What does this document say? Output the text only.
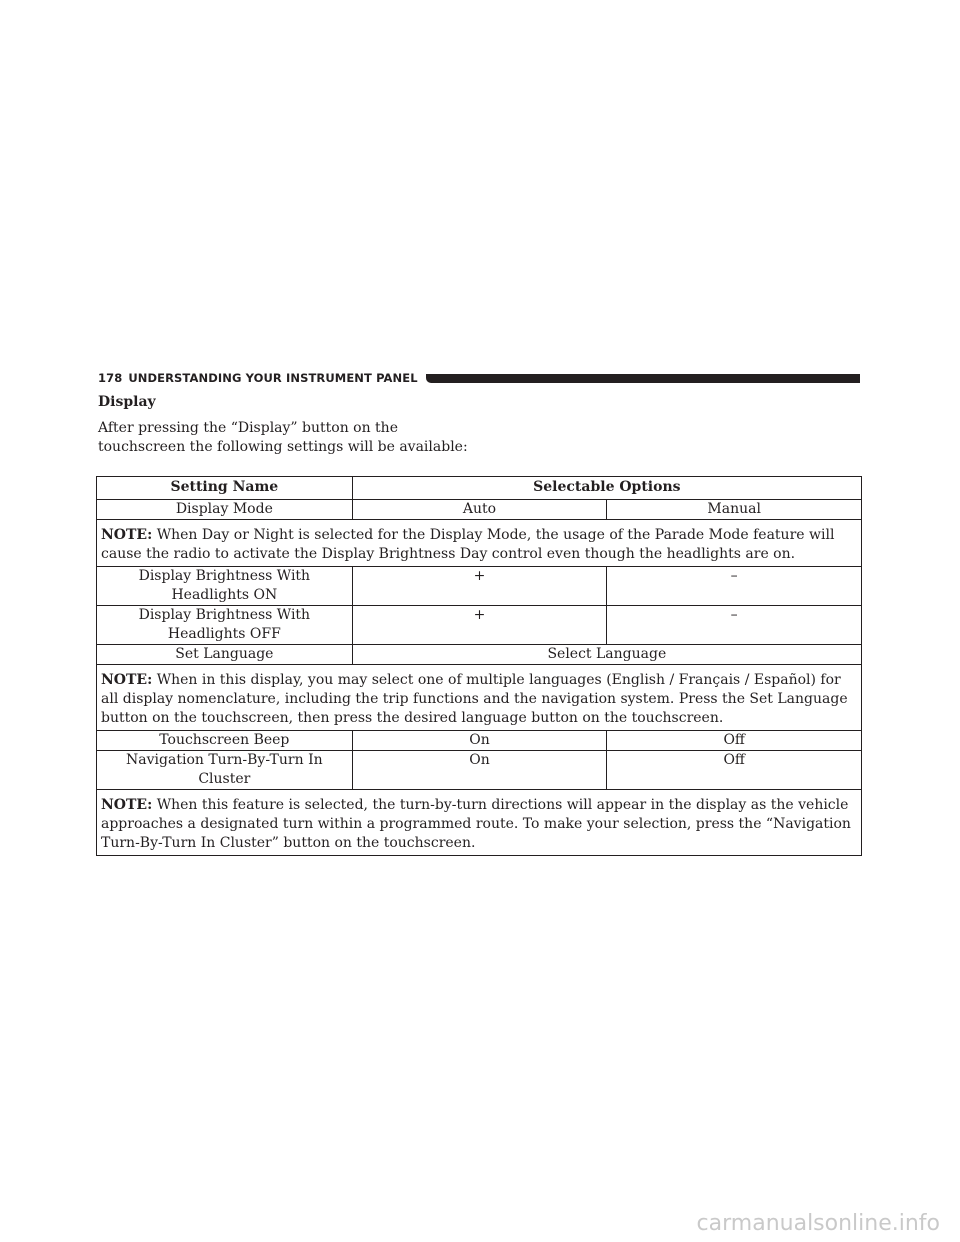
178 UNDERSTANDING YOUR INSTRUMENT PANEL
Display
After pressing the “Display” button on the touchscreen the following settings will be available:
Setting Name	Selectable Options	
Display Mode	Auto	Manual
NOTE: When Day or Night is selected for the Display Mode, the usage of the Parade Mode feature will cause the radio to activate the Display Brightness Day control even though the headlights are on.		
Display Brightness With Headlights ON	+	–
Display Brightness With Headlights OFF	+	–
Set Language	Select Language	
NOTE: When in this display, you may select one of multiple languages (English / Français / Español) for all display nomenclature, including the trip functions and the navigation system. Press the Set Language button on the touchscreen, then press the desired language button on the touchscreen.		
Touchscreen Beep	On	Off
Navigation Turn-By-Turn In Cluster	On	Off
NOTE: When this feature is selected, the turn-by-turn directions will appear in the display as the vehicle approaches a designated turn within a programmed route. To make your selection, press the “Navigation Turn-By-Turn In Cluster” button on the touchscreen.		
carmanualsonline.info
